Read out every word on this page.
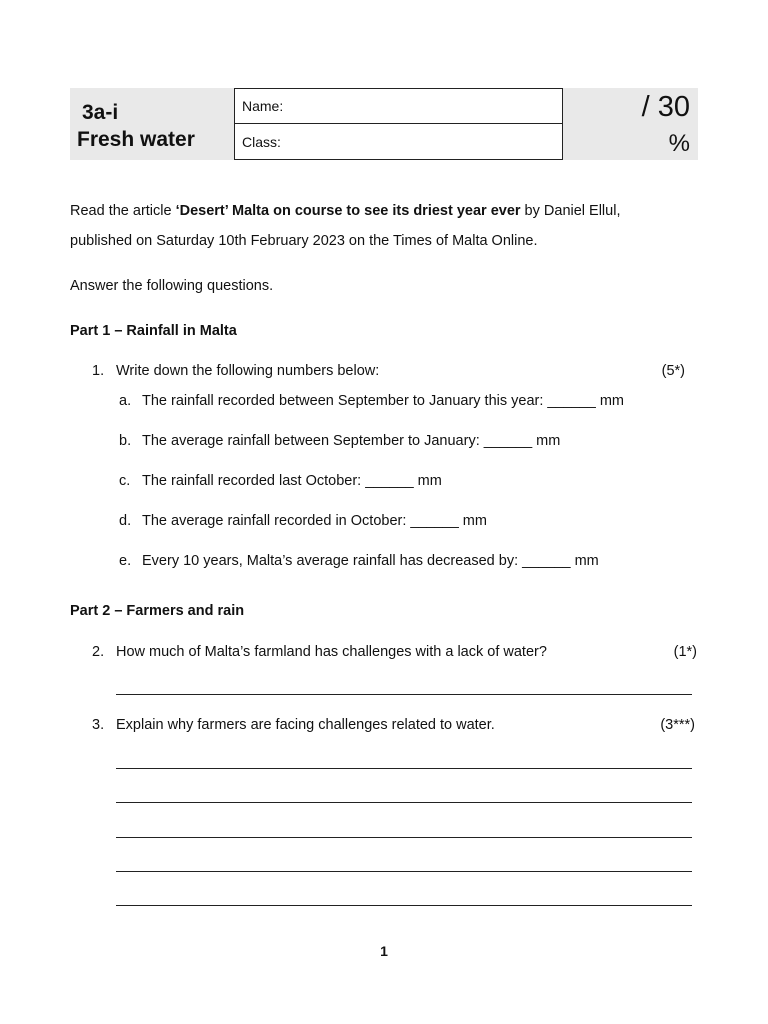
3a-i
Fresh water
Name:
Class:
/ 30
%
Read the article ‘Desert’ Malta on course to see its driest year ever by Daniel Ellul,
published on Saturday 10th February 2023 on the Times of Malta Online.
Answer the following questions.
Part 1 – Rainfall in Malta
1. Write down the following numbers below:	(5*)
a. The rainfall recorded between September to January this year: ______ mm
b. The average rainfall between September to January: ______ mm
c. The rainfall recorded last October: ______ mm
d. The average rainfall recorded in October: ______ mm
e. Every 10 years, Malta’s average rainfall has decreased by: ______ mm
Part 2 – Farmers and rain
2. How much of Malta’s farmland has challenges with a lack of water?	(1*)
3. Explain why farmers are facing challenges related to water.	(3***)
1
